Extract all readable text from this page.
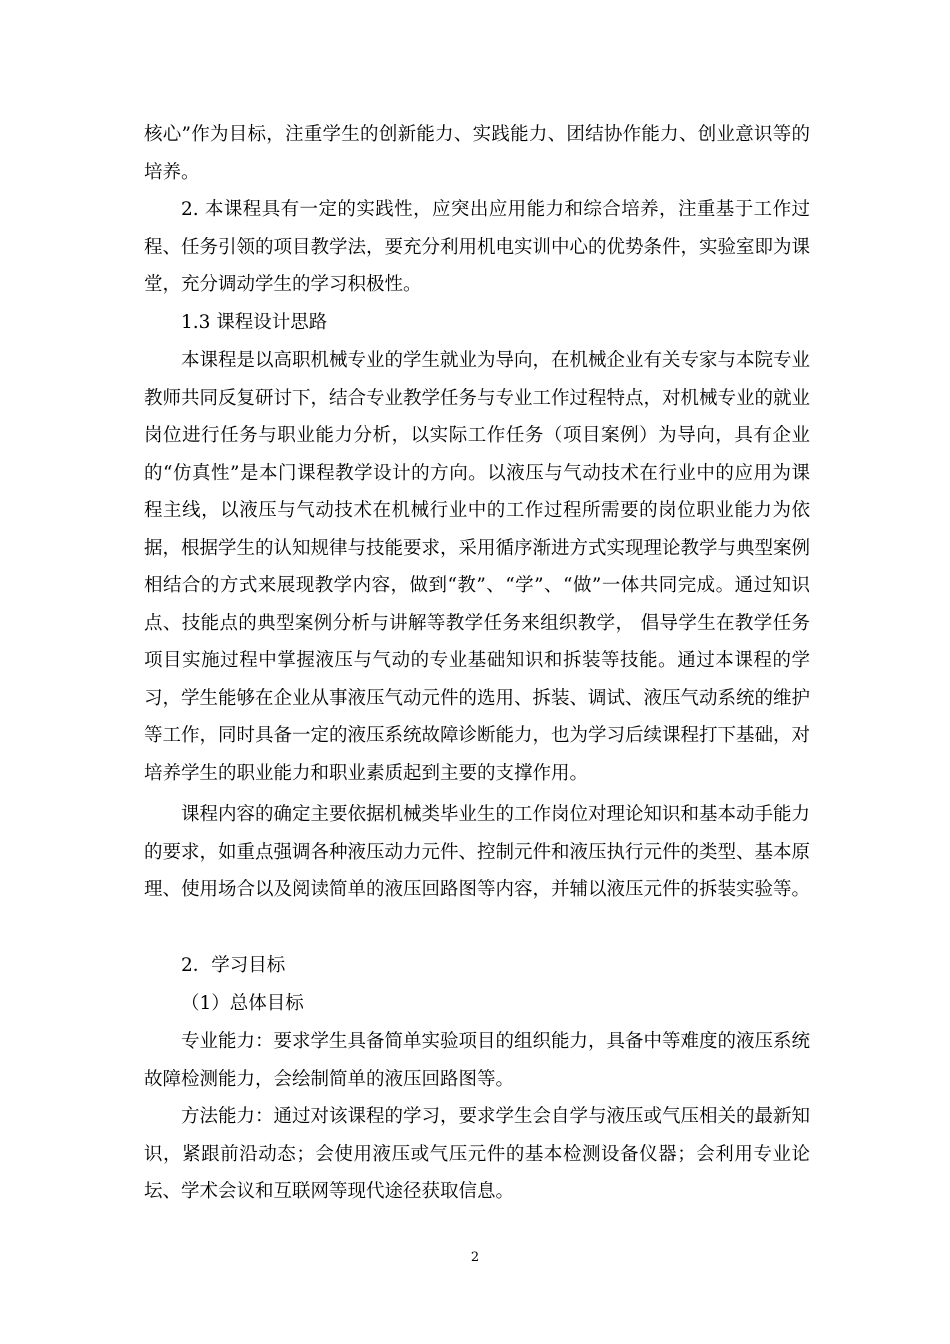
核心”作为目标，注重学生的创新能力、实践能力、团结协作能力、创业意识等的培养。

2. 本课程具有一定的实践性，应突出应用能力和综合培养，注重基于工作过程、任务引领的项目教学法，要充分利用机电实训中心的优势条件，实验室即为课堂，充分调动学生的学习积极性。

1.3 课程设计思路

本课程是以高职机械专业的学生就业为导向，在机械企业有关专家与本院专业教师共同反复研讨下，结合专业教学任务与专业工作过程特点，对机械专业的就业岗位进行任务与职业能力分析，以实际工作任务（项目案例）为导向，具有企业的“仿真性”是本门课程教学设计的方向。以液压与气动技术在行业中的应用为课程主线，以液压与气动技术在机械行业中的工作过程所需要的岗位职业能力为依据，根据学生的认知规律与技能要求，采用循序渐进方式实现理论教学与典型案例相结合的方式来展现教学内容，做到“教”、“学”、“做”一体共同完成。通过知识点、技能点的典型案例分析与讲解等教学任务来组织教学， 倡导学生在教学任务项目实施过程中掌握液压与气动的专业基础知识和拆装等技能。通过本课程的学习，学生能够在企业从事液压气动元件的选用、拆装、调试、液压气动系统的维护等工作，同时具备一定的液压系统故障诊断能力，也为学习后续课程打下基础，对培养学生的职业能力和职业素质起到主要的支撑作用。

课程内容的确定主要依据机械类毕业生的工作岗位对理论知识和基本动手能力的要求，如重点强调各种液压动力元件、控制元件和液压执行元件的类型、基本原理、使用场合以及阅读简单的液压回路图等内容，并辅以液压元件的拆装实验等。

2．学习目标

（1）总体目标

专业能力：要求学生具备简单实验项目的组织能力，具备中等难度的液压系统故障检测能力，会绘制简单的液压回路图等。

方法能力：通过对该课程的学习，要求学生会自学与液压或气压相关的最新知识，紧跟前沿动态；会使用液压或气压元件的基本检测设备仪器；会利用专业论坛、学术会议和互联网等现代途径获取信息。

2
